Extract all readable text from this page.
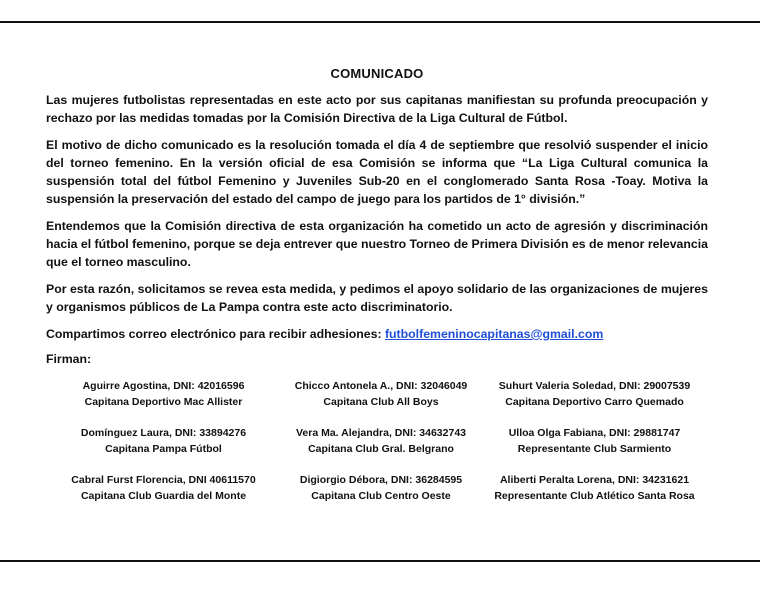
COMUNICADO

Las mujeres futbolistas representadas en este acto por sus capitanas manifiestan su profunda preocupación y rechazo por las medidas tomadas por la Comisión Directiva de la Liga Cultural de Fútbol.

El motivo de dicho comunicado es la resolución tomada el día 4 de septiembre que resolvió suspender el inicio del torneo femenino. En la versión oficial de esa Comisión se informa que “La Liga Cultural comunica la suspensión total del fútbol Femenino y Juveniles Sub-20 en el conglomerado Santa Rosa -Toay. Motiva la suspensión la preservación del estado del campo de juego para los partidos de 1° división.”

Entendemos que la Comisión directiva de esta organización ha cometido un acto de agresión y discriminación hacia el fútbol femenino, porque se deja entrever que nuestro Torneo de Primera División es de menor relevancia que el torneo masculino.

Por esta razón, solicitamos se revea esta medida, y pedimos el apoyo solidario de las organizaciones de mujeres y organismos públicos de La Pampa contra este acto discriminatorio.

Compartimos correo electrónico para recibir adhesiones: futbolfemeninocapitanas@gmail.com

Firman:

Aguirre Agostina, DNI: 42016596
Capitana Deportivo Mac Allister
Chicco Antonela A., DNI: 32046049
Capitana Club All Boys
Suhurt Valeria Soledad, DNI: 29007539
Capitana Deportivo Carro Quemado
Domínguez Laura, DNI: 33894276
Capitana Pampa Fútbol
Vera Ma. Alejandra, DNI: 34632743
Capitana Club Gral. Belgrano
Ulloa Olga Fabiana, DNI: 29881747
Representante Club Sarmiento
Cabral Furst Florencia, DNI 40611570
Capitana Club Guardia del Monte
Digiorgio Débora, DNI: 36284595
Capitana Club Centro Oeste
Aliberti Peralta Lorena, DNI: 34231621
Representante Club Atlético Santa Rosa
